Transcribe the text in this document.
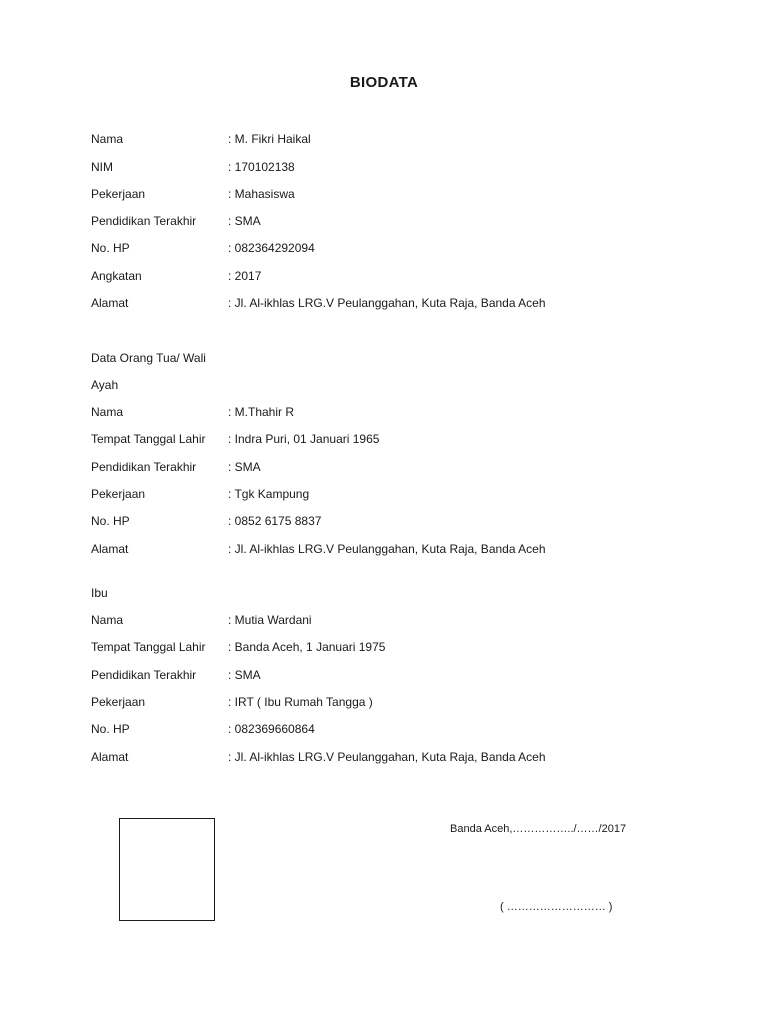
BIODATA
Nama	: M. Fikri Haikal
NIM	: 170102138
Pekerjaan	: Mahasiswa
Pendidikan Terakhir	: SMA
No. HP	: 082364292094
Angkatan	: 2017
Alamat	: Jl. Al-ikhlas LRG.V Peulanggahan, Kuta Raja, Banda Aceh
Data Orang Tua/ Wali
Ayah
Nama	: M.Thahir R
Tempat Tanggal Lahir : Indra Puri, 01 Januari 1965
Pendidikan Terakhir	: SMA
Pekerjaan	: Tgk Kampung
No. HP	: 0852 6175 8837
Alamat	: Jl. Al-ikhlas LRG.V Peulanggahan, Kuta Raja, Banda Aceh
Ibu
Nama	: Mutia Wardani
Tempat Tanggal Lahir : Banda Aceh, 1 Januari 1975
Pendidikan Terakhir	: SMA
Pekerjaan	: IRT ( Ibu Rumah Tangga )
No. HP	: 082369660864
Alamat	: Jl. Al-ikhlas LRG.V Peulanggahan, Kuta Raja, Banda Aceh
Banda Aceh,……………../……/2017
( ……………………… )
